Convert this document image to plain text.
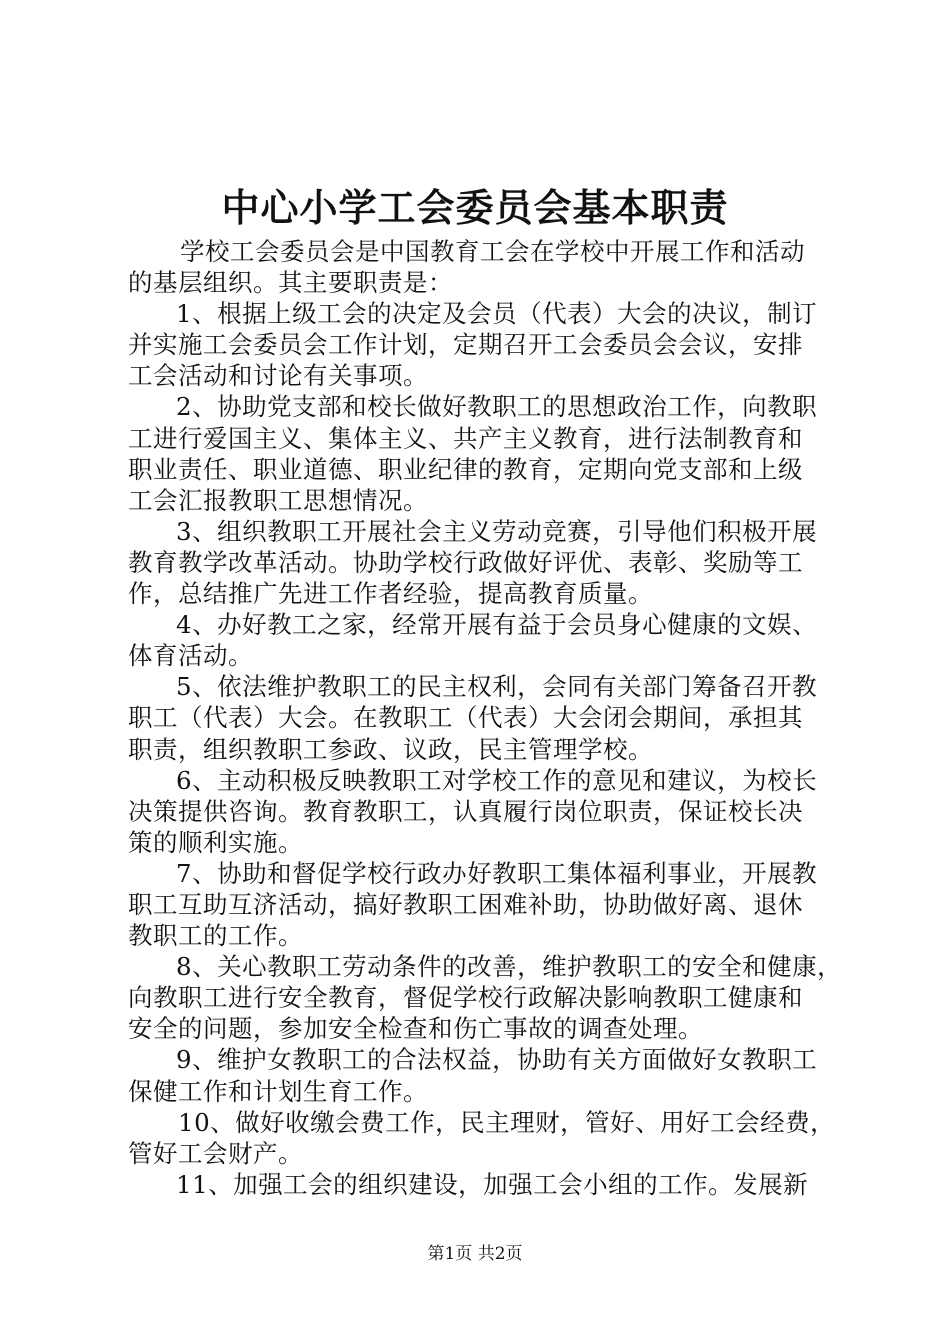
中心小学工会委员会基本职责
学校工会委员会是中国教育工会在学校中开展工作和活动
的基层组织。其主要职责是：
1、根据上级工会的决定及会员（代表）大会的决议，制订
并实施工会委员会工作计划，定期召开工会委员会会议，安排
工会活动和讨论有关事项。
2、协助党支部和校长做好教职工的思想政治工作，向教职
工进行爱国主义、集体主义、共产主义教育，进行法制教育和
职业责任、职业道德、职业纪律的教育，定期向党支部和上级
工会汇报教职工思想情况。
3、组织教职工开展社会主义劳动竞赛，引导他们积极开展
教育教学改革活动。协助学校行政做好评优、表彰、奖励等工
作，总结推广先进工作者经验，提高教育质量。
4、办好教工之家，经常开展有益于会员身心健康的文娱、
体育活动。
5、依法维护教职工的民主权利，会同有关部门筹备召开教
职工（代表）大会。在教职工（代表）大会闭会期间，承担其
职责，组织教职工参政、议政，民主管理学校。
6、主动积极反映教职工对学校工作的意见和建议，为校长
决策提供咨询。教育教职工，认真履行岗位职责，保证校长决
策的顺利实施。
7、协助和督促学校行政办好教职工集体福利事业，开展教
职工互助互济活动，搞好教职工困难补助，协助做好离、退休
教职工的工作。
8、关心教职工劳动条件的改善，维护教职工的安全和健康，
向教职工进行安全教育，督促学校行政解决影响教职工健康和
安全的问题，参加安全检查和伤亡事故的调查处理。
9、维护女教职工的合法权益，协助有关方面做好女教职工
保健工作和计划生育工作。
10、做好收缴会费工作，民主理财，管好、用好工会经费，
管好工会财产。
11、加强工会的组织建设，加强工会小组的工作。发展新
第1页 共2页
